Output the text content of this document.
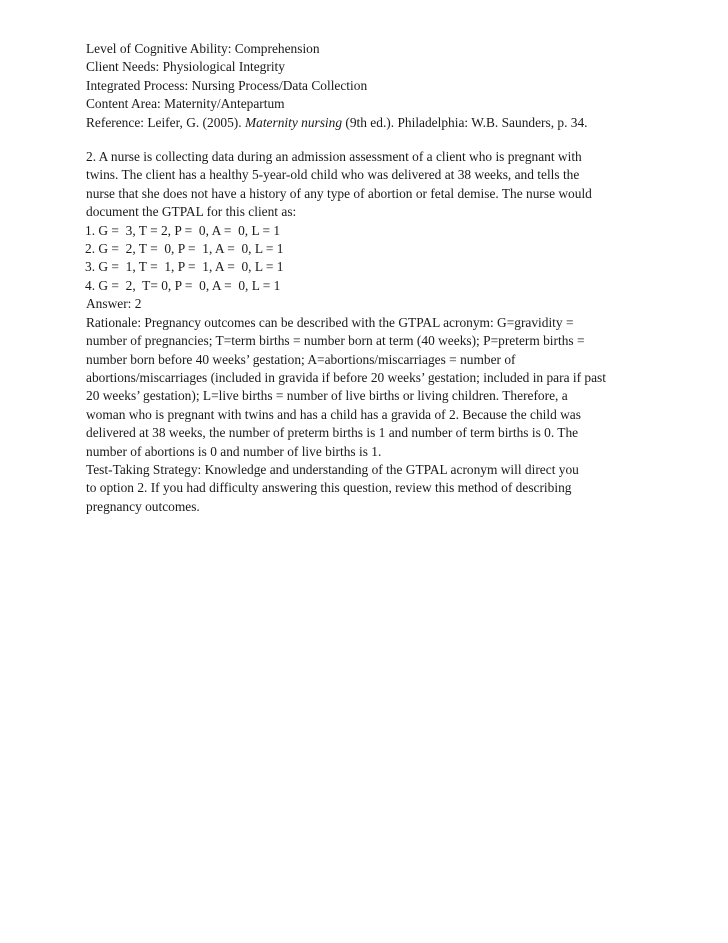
Level of Cognitive Ability: Comprehension
Client Needs: Physiological Integrity
Integrated Process: Nursing Process/Data Collection
Content Area: Maternity/Antepartum
Reference: Leifer, G. (2005). Maternity nursing (9th ed.). Philadelphia: W.B. Saunders, p. 34.
2. A nurse is collecting data during an admission assessment of a client who is pregnant with
twins. The client has a healthy 5-year-old child who was delivered at 38 weeks, and tells the
nurse that she does not have a history of any type of abortion or fetal demise. The nurse would
document the GTPAL for this client as:
1. G =  3, T = 2, P =  0, A =  0, L = 1
2. G =  2, T =  0, P =  1, A =  0, L = 1
3. G =  1, T =  1, P =  1, A =  0, L = 1
4. G =  2,  T= 0, P =  0, A =  0, L = 1
Answer: 2
Rationale: Pregnancy outcomes can be described with the GTPAL acronym: G=gravidity =
number of pregnancies; T=term births = number born at term (40 weeks); P=preterm births =
number born before 40 weeks’ gestation; A=abortions/miscarriages = number of
abortions/miscarriages (included in gravida if before 20 weeks’ gestation; included in para if past
20 weeks’ gestation); L=live births = number of live births or living children. Therefore, a
woman who is pregnant with twins and has a child has a gravida of 2. Because the child was
delivered at 38 weeks, the number of preterm births is 1 and number of term births is 0. The
number of abortions is 0 and number of live births is 1.
Test-Taking Strategy: Knowledge and understanding of the GTPAL acronym will direct you
to option 2. If you had difficulty answering this question, review this method of describing
pregnancy outcomes.
